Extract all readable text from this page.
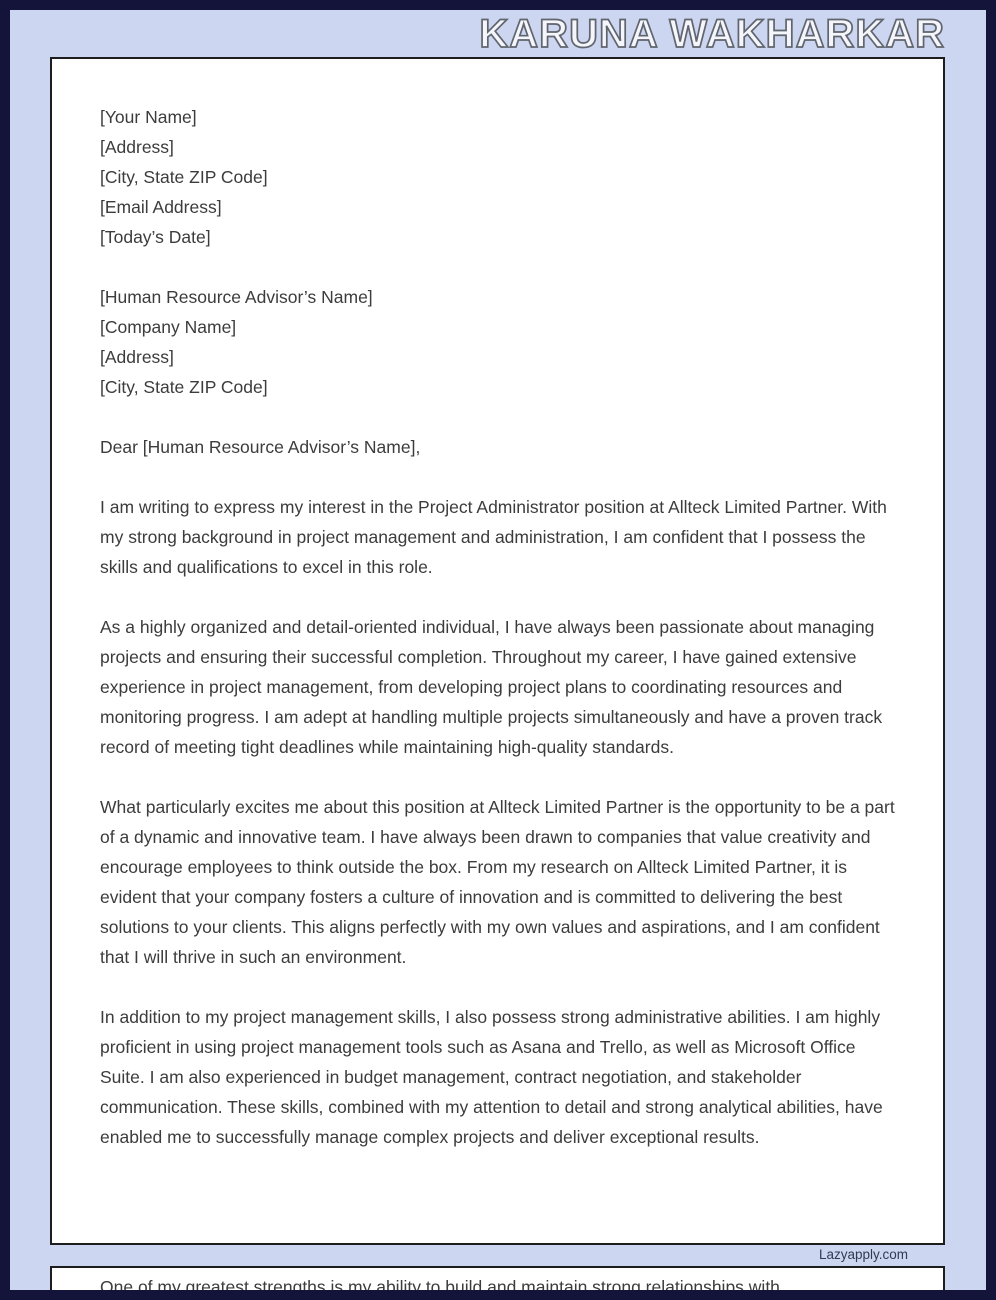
KARUNA WAKHARKAR
[Your Name]
[Address]
[City, State ZIP Code]
[Email Address]
[Today’s Date]
[Human Resource Advisor’s Name]
[Company Name]
[Address]
[City, State ZIP Code]
Dear [Human Resource Advisor’s Name],

I am writing to express my interest in the Project Administrator position at Allteck Limited Partner. With my strong background in project management and administration, I am confident that I possess the skills and qualifications to excel in this role.

As a highly organized and detail-oriented individual, I have always been passionate about managing projects and ensuring their successful completion. Throughout my career, I have gained extensive experience in project management, from developing project plans to coordinating resources and monitoring progress. I am adept at handling multiple projects simultaneously and have a proven track record of meeting tight deadlines while maintaining high-quality standards.

What particularly excites me about this position at Allteck Limited Partner is the opportunity to be a part of a dynamic and innovative team. I have always been drawn to companies that value creativity and encourage employees to think outside the box. From my research on Allteck Limited Partner, it is evident that your company fosters a culture of innovation and is committed to delivering the best solutions to your clients. This aligns perfectly with my own values and aspirations, and I am confident that I will thrive in such an environment.

In addition to my project management skills, I also possess strong administrative abilities. I am highly proficient in using project management tools such as Asana and Trello, as well as Microsoft Office Suite. I am also experienced in budget management, contract negotiation, and stakeholder communication. These skills, combined with my attention to detail and strong analytical abilities, have enabled me to successfully manage complex projects and deliver exceptional results.

Lazyapply.com

One of my greatest strengths is my ability to build and maintain strong relationships with
